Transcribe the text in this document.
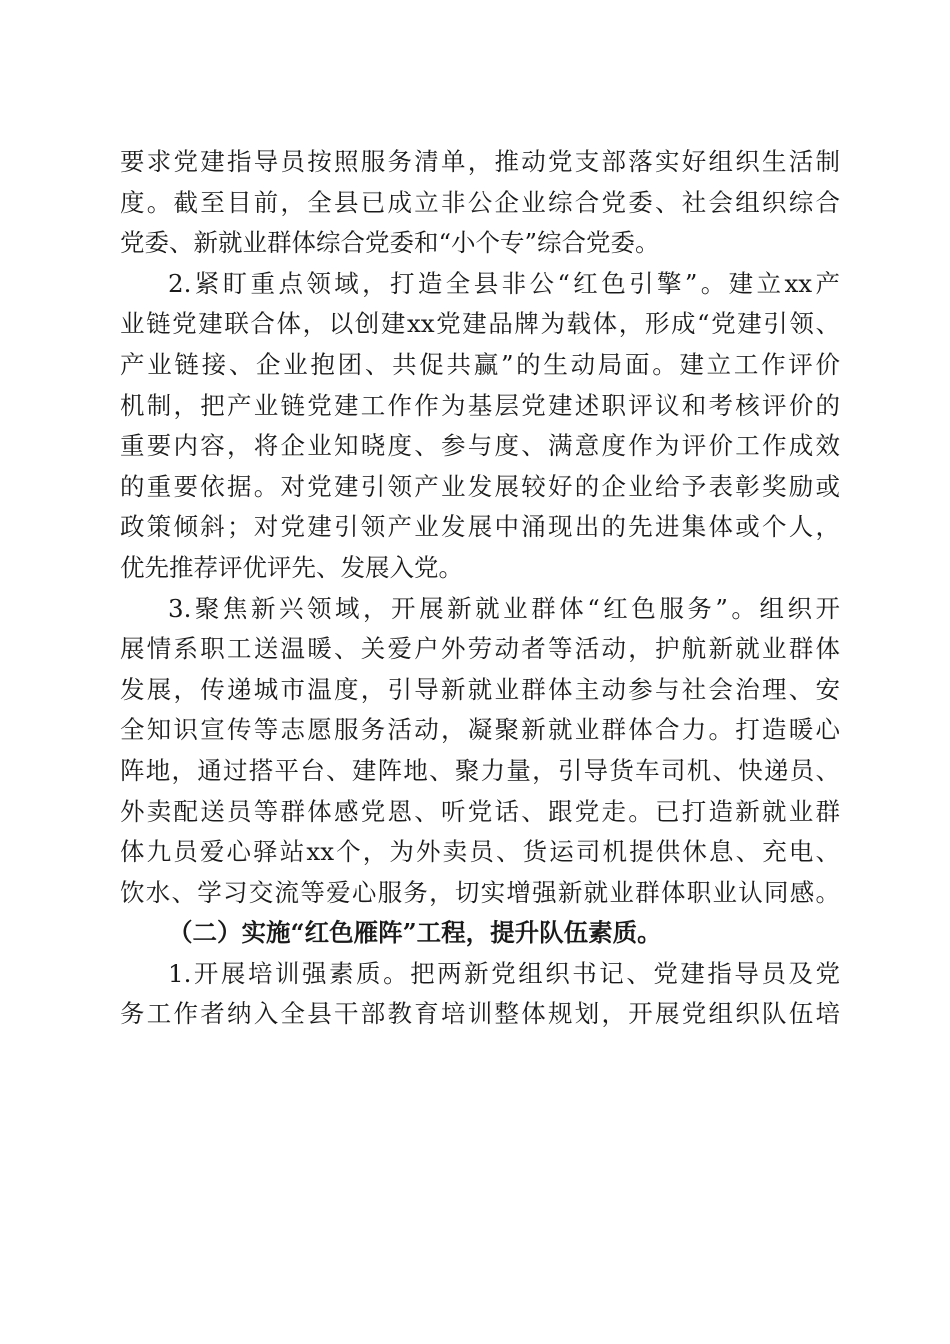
要求党建指导员按照服务清单，推动党支部落实好组织生活制
度。截至目前，全县已成立非公企业综合党委、社会组织综合
党委、新就业群体综合党委和“小个专”综合党委。
2.紧盯重点领域，打造全县非公“红色引擎”。建立xx产
业链党建联合体，以创建xx党建品牌为载体，形成“党建引领、
产业链接、企业抱团、共促共赢”的生动局面。建立工作评价
机制，把产业链党建工作作为基层党建述职评议和考核评价的
重要内容，将企业知晓度、参与度、满意度作为评价工作成效
的重要依据。对党建引领产业发展较好的企业给予表彰奖励或
政策倾斜；对党建引领产业发展中涌现出的先进集体或个人，
优先推荐评优评先、发展入党。
3.聚焦新兴领域，开展新就业群体“红色服务”。组织开
展情系职工送温暖、关爱户外劳动者等活动，护航新就业群体
发展，传递城市温度，引导新就业群体主动参与社会治理、安
全知识宣传等志愿服务活动，凝聚新就业群体合力。打造暖心
阵地，通过搭平台、建阵地、聚力量，引导货车司机、快递员、
外卖配送员等群体感党恩、听党话、跟党走。已打造新就业群
体九员爱心驿站xx个，为外卖员、货运司机提供休息、充电、
饮水、学习交流等爱心服务，切实增强新就业群体职业认同感。
（二）实施“红色雁阵”工程，提升队伍素质。
1.开展培训强素质。把两新党组织书记、党建指导员及党
务工作者纳入全县干部教育培训整体规划，开展党组织队伍培
